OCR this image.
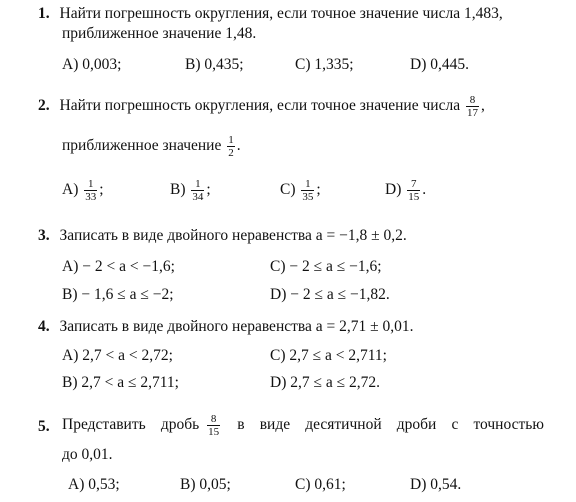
1. Найти погрешность округления, если точное значение числа 1,483,
приближенное значение 1,48.
A) 0,003;	B) 0,435;	C) 1,335;	D) 0,445.
2. Найти погрешность округления, если точное значение числа $\frac{8}{17}$ ,
приближенное значение $\frac{1}{2}$ .
$A) \frac{1}{33}$ ;	$B) \frac{1}{34}$ ;	$C) \frac{1}{35}$ ;	$D) \frac{7}{15}$ .
3. Записать в виде двойного неравенства a = −1,8 ± 0,2.
A) − 2 < a < −1,6;	C) − 2 ≤ a ≤ −1,6;
B) − 1,6 ≤ a ≤ −2;	D) − 2 ≤ a ≤ −1,82.
4. Записать в виде двойного неравенства a = 2,71 ± 0,01.
A) 2,7 < a < 2,72;	C) 2,7 ≤ a < 2,711;
B) 2,7 < a ≤ 2,711;	D) 2,7 ≤ a ≤ 2,72.
5. Представить дробь $\frac{8}{15}$ в виде десятичной дроби с точностью
до 0,01.
A) 0,53;	B) 0,05;	C) 0,61;	D) 0,54.
